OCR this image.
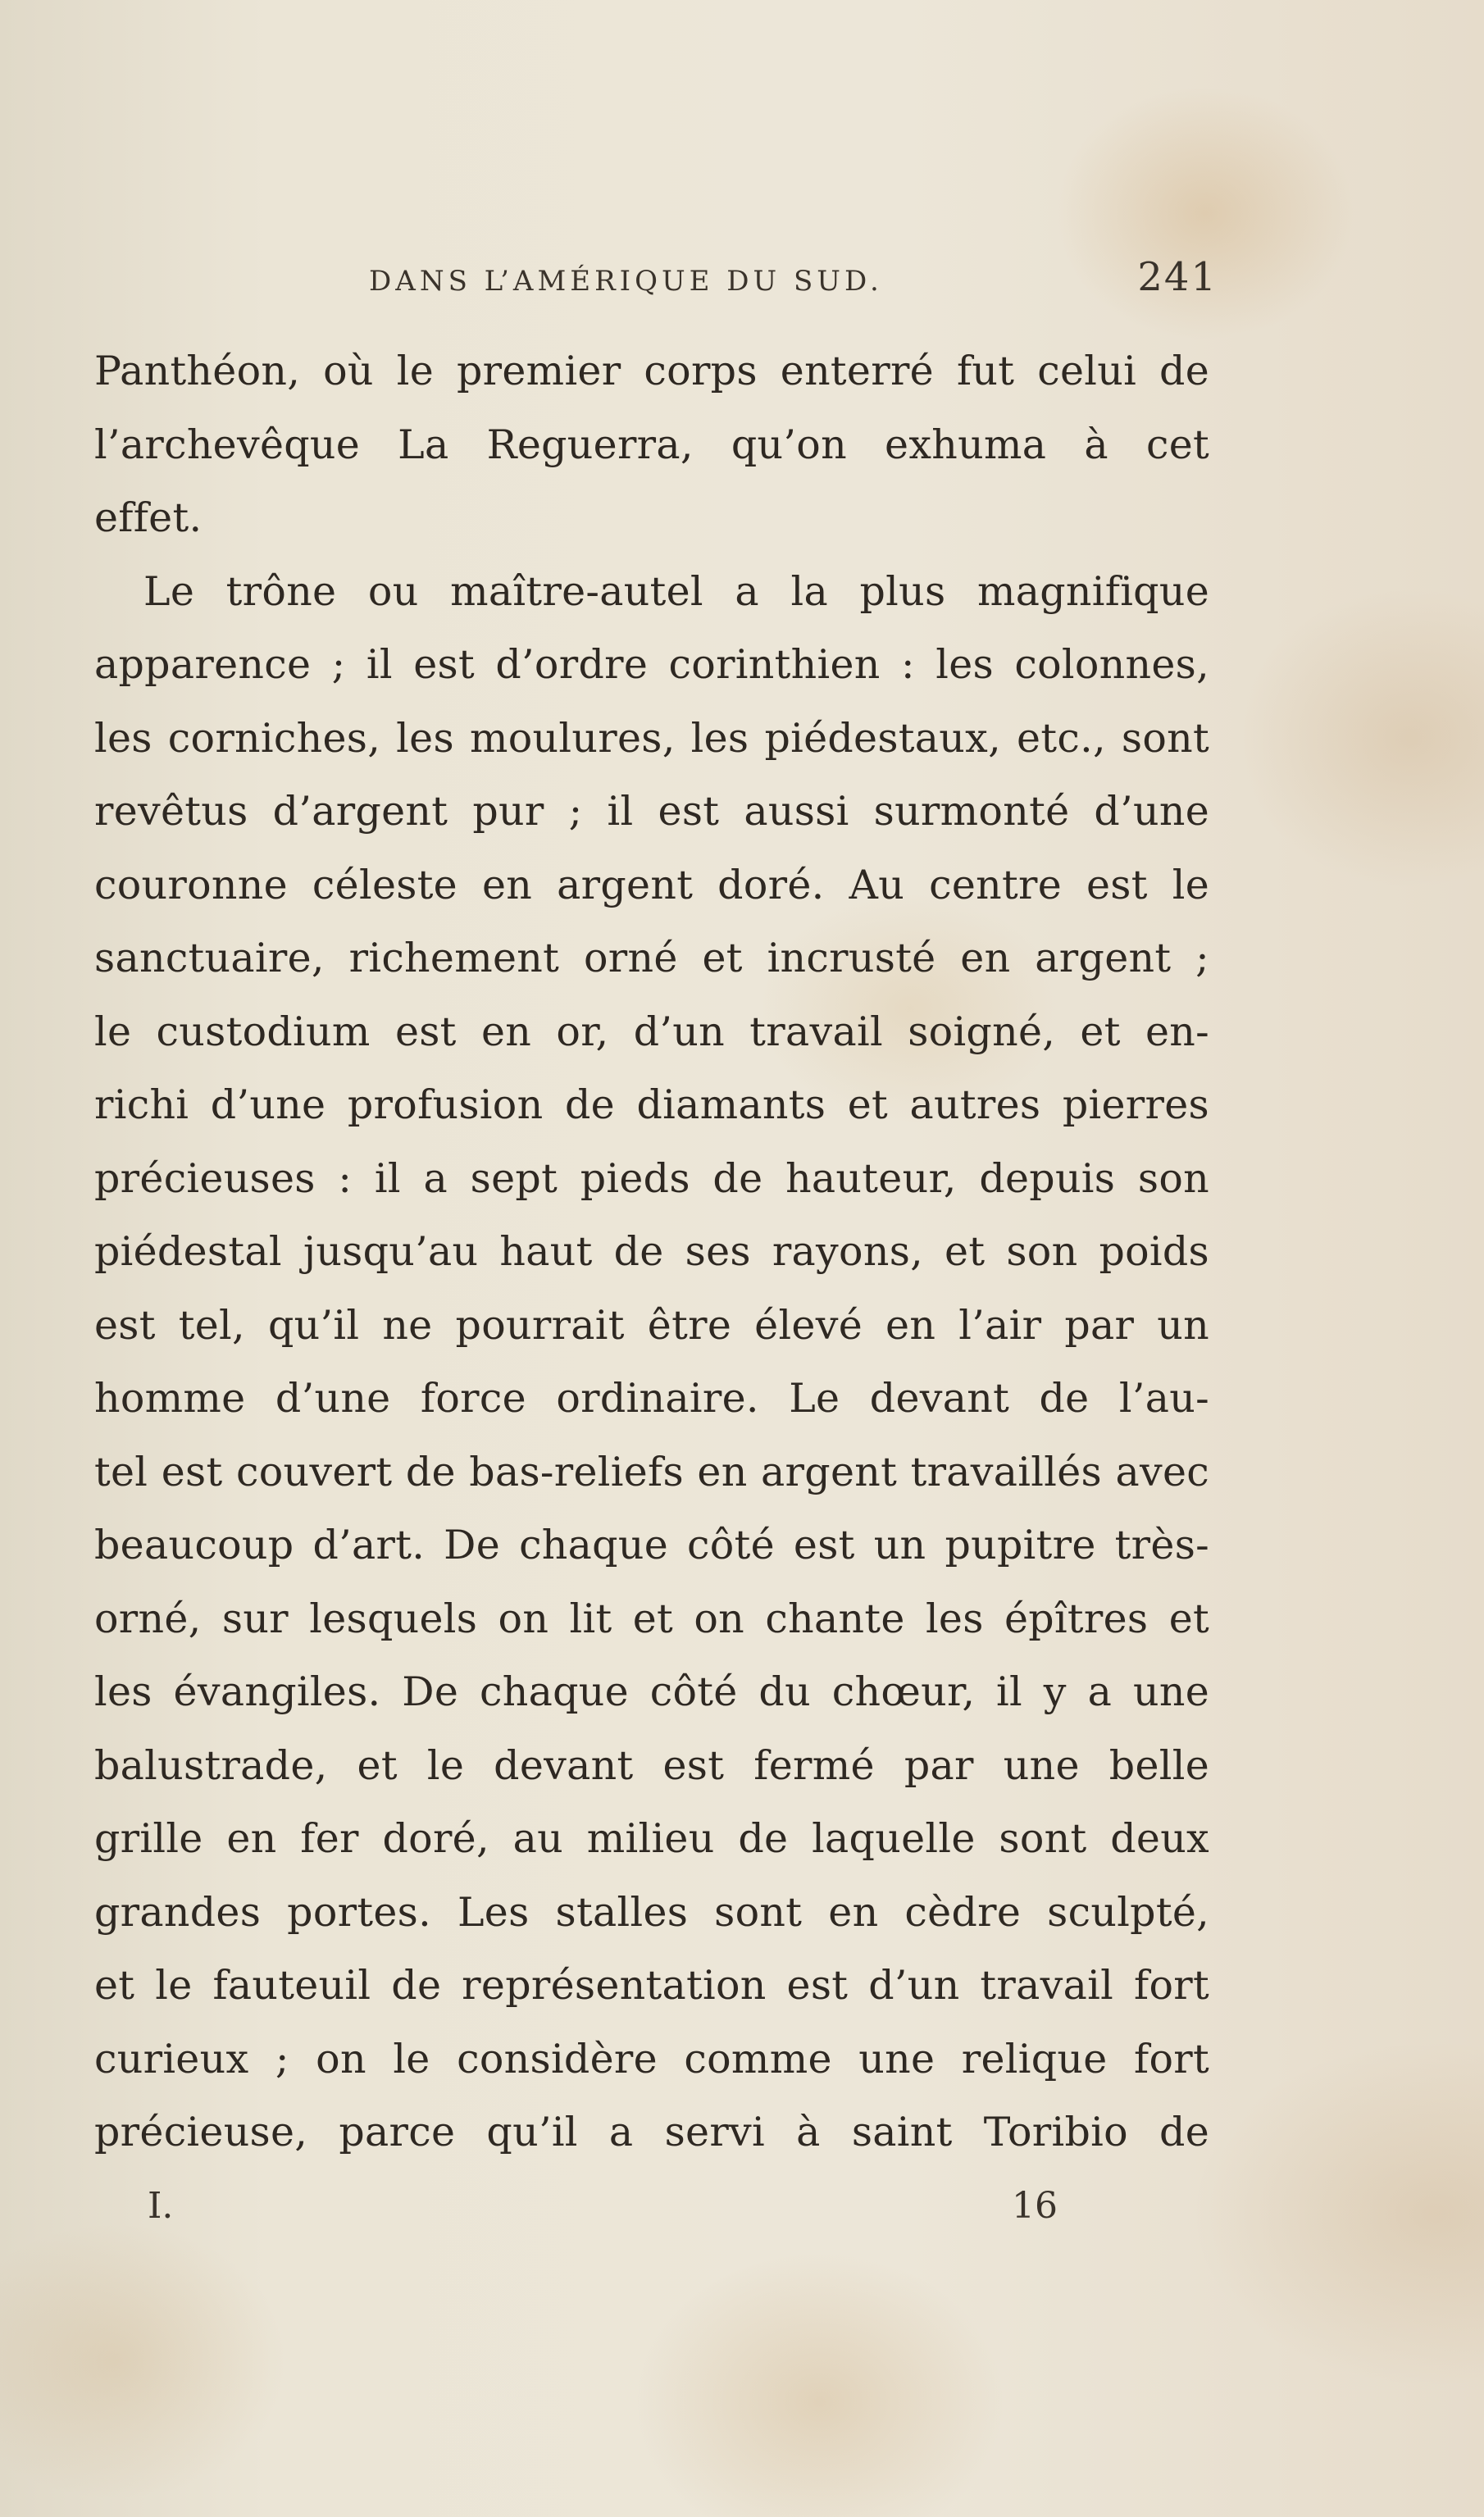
DANS L’AMÉRIQUE DU SUD.	241
Panthéon, où le premier corps enterré fut celui de
l’archevêque La Reguerra, qu’on exhuma à cet
effet.
Le trône ou maître-autel a la plus magnifique
apparence ; il est d’ordre corinthien : les colonnes,
les corniches, les moulures, les piédestaux, etc., sont
revêtus d’argent pur ; il est aussi surmonté d’une
couronne céleste en argent doré. Au centre est le
sanctuaire, richement orné et incrusté en argent ;
le custodium est en or, d’un travail soigné, et en-
richi d’une profusion de diamants et autres pierres
précieuses : il a sept pieds de hauteur, depuis son
piédestal jusqu’au haut de ses rayons, et son poids
est tel, qu’il ne pourrait être élevé en l’air par un
homme d’une force ordinaire. Le devant de l’au-
tel est couvert de bas-reliefs en argent travaillés avec
beaucoup d’art. De chaque côté est un pupitre très-
orné, sur lesquels on lit et on chante les épîtres et
les évangiles. De chaque côté du chœur, il y a une
balustrade, et le devant est fermé par une belle
grille en fer doré, au milieu de laquelle sont deux
grandes portes. Les stalles sont en cèdre sculpté,
et le fauteuil de représentation est d’un travail fort
curieux ; on le considère comme une relique fort
précieuse, parce qu’il a servi à saint Toribio de
I.	16
